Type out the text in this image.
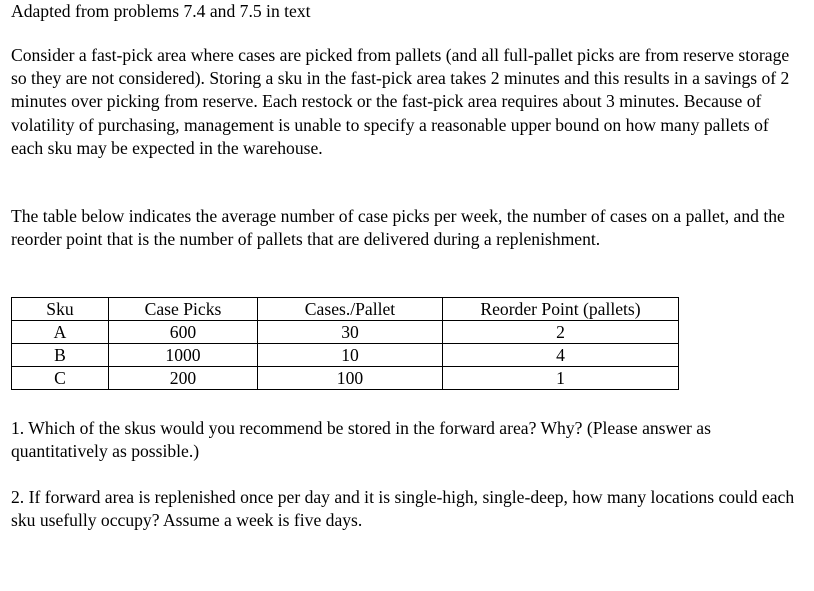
Adapted from problems 7.4 and 7.5 in text

Consider a fast-pick area where cases are picked from pallets (and all full-pallet picks are from reserve storage so they are not considered). Storing a sku in the fast-pick area takes 2 minutes and this results in a savings of 2 minutes over picking from reserve. Each restock or the fast-pick area requires about 3 minutes. Because of volatility of purchasing, management is unable to specify a reasonable upper bound on how many pallets of each sku may be expected in the warehouse.

The table below indicates the average number of case picks per week, the number of cases on a pallet, and the reorder point that is the number of pallets that are delivered during a replenishment.

Sku	Case Picks	Cases./Pallet	Reorder Point (pallets)
A	600	30	2
B	1000	10	4
C	200	100	1

1. Which of the skus would you recommend be stored in the forward area? Why? (Please answer as quantitatively as possible.)

2. If forward area is replenished once per day and it is single-high, single-deep, how many locations could each sku usefully occupy? Assume a week is five days.
